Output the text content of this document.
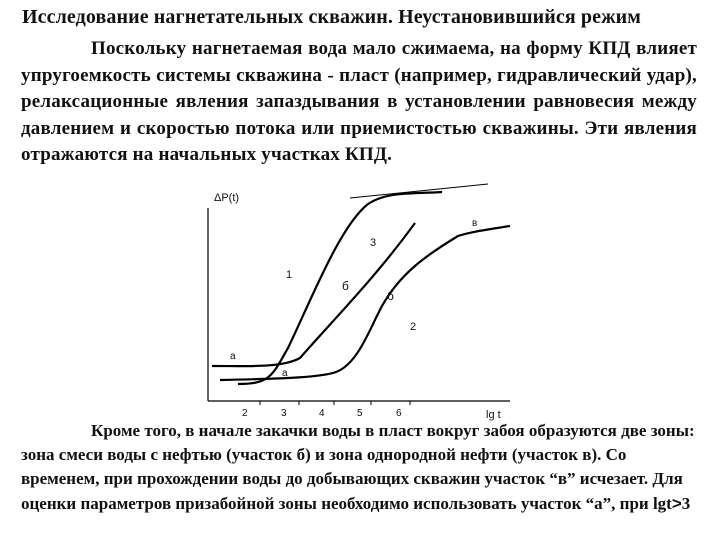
Исследование нагнетательных скважин. Неустановившийся режим
Поскольку нагнетаемая вода мало сжимаема, на форму КПД влияет упругоемкость системы скважина - пласт (например, гидравлический удар), релаксационные явления запаздывания в установлении равновесия между давлением и скоростью потока или приемистостью скважины. Эти явления отражаются на начальных участках КПД.
ΔP(t)
lg t
2	3	4	5	6
1
2
3
а
а
б
б
в
Кроме того, в начале закачки воды в пласт вокруг забоя образуются две зоны: зона смеси воды с нефтью (участок б) и зона однородной нефти (участок в). Со временем, при прохождении воды до добывающих скважин участок “в” исчезает. Для оценки параметров призабойной зоны необходимо использовать участок “а”, при lgt>3
